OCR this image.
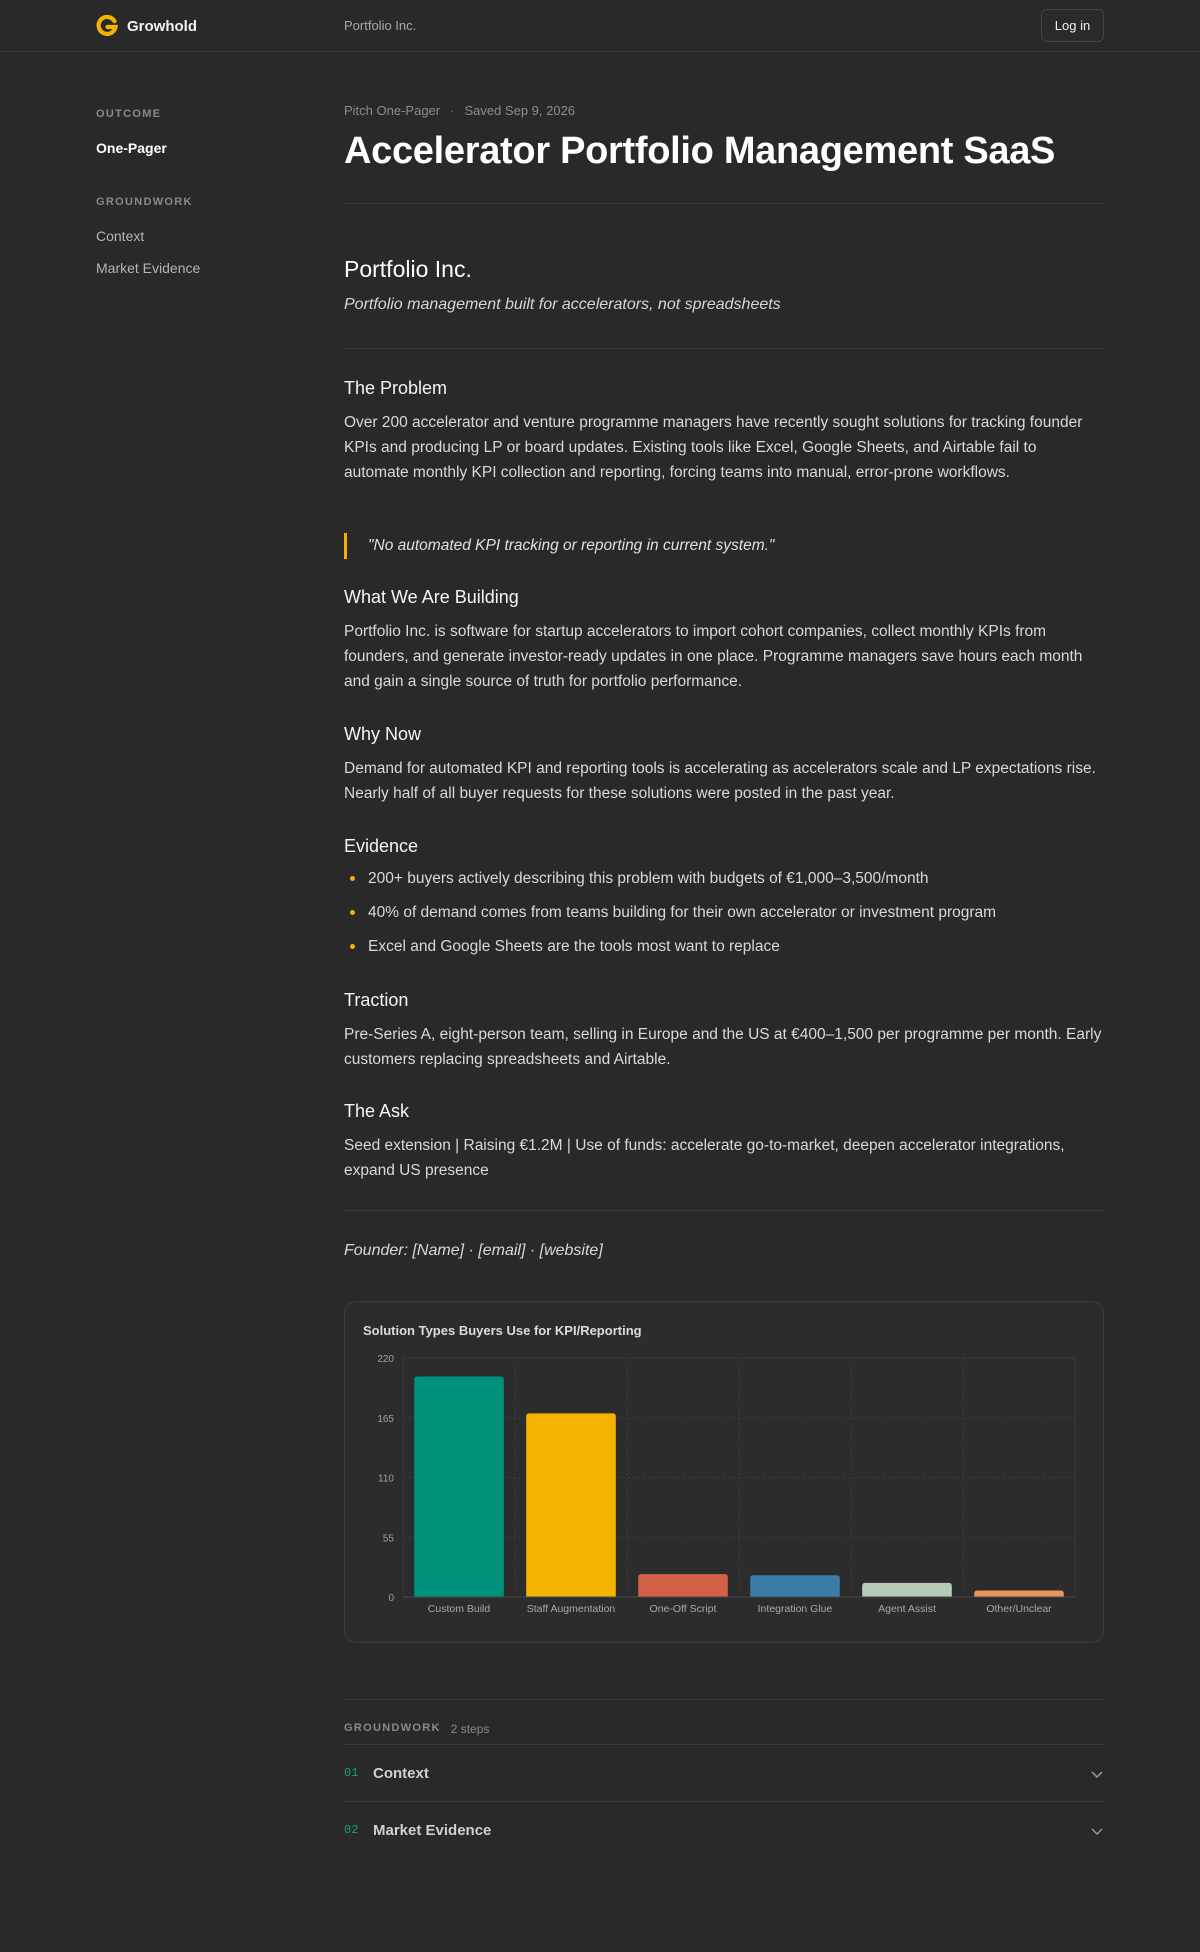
Growhold	Portfolio Inc.	Log in
OUTCOME
One-Pager
GROUNDWORK
Context
Market Evidence
Pitch One-Pager · Saved Sep 9, 2026
Accelerator Portfolio Management SaaS
Portfolio Inc.
Portfolio management built for accelerators, not spreadsheets
The Problem

Over 200 accelerator and venture programme managers have recently sought solutions for tracking founder KPIs and producing LP or board updates. Existing tools like Excel, Google Sheets, and Airtable fail to automate monthly KPI collection and reporting, forcing teams into manual, error-prone workflows.

"No automated KPI tracking or reporting in current system."
What We Are Building

Portfolio Inc. is software for startup accelerators to import cohort companies, collect monthly KPIs from founders, and generate investor-ready updates in one place. Programme managers save hours each month and gain a single source of truth for portfolio performance.

Why Now

Demand for automated KPI and reporting tools is accelerating as accelerators scale and LP expectations rise. Nearly half of all buyer requests for these solutions were posted in the past year.

Evidence
200+ buyers actively describing this problem with budgets of €1,000–3,500/month
40% of demand comes from teams building for their own accelerator or investment program
Excel and Google Sheets are the tools most want to replace
Traction

Pre-Series A, eight-person team, selling in Europe and the US at €400–1,500 per programme per month. Early customers replacing spreadsheets and Airtable.

The Ask

Seed extension | Raising €1.2M | Use of funds: accelerate go-to-market, deepen accelerator integrations, expand US presence

Founder: [Name] · [email] · [website]
Solution Types Buyers Use for KPI/Reporting
0
55
110
165
220
Custom Build	Staff Augmentation	One-Off Script	Integration Glue	Agent Assist	Other/Unclear
GROUNDWORK 2 steps
01 Context
02 Market Evidence
